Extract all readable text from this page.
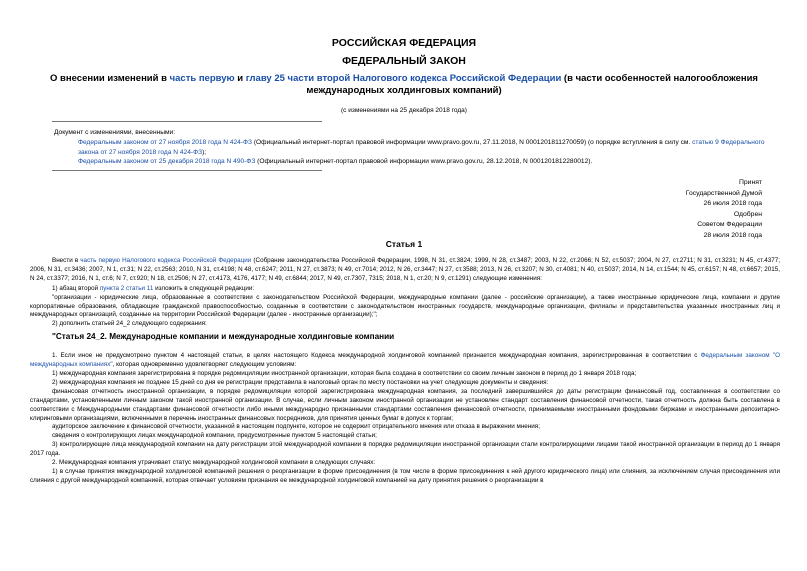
РОССИЙСКАЯ ФЕДЕРАЦИЯ
ФЕДЕРАЛЬНЫЙ ЗАКОН
О внесении изменений в часть первую и главу 25 части второй Налогового кодекса Российской Федерации (в части особенностей налогообложения международных холдинговых компаний)
(с изменениями на 25 декабря 2018 года)
Документ с изменениями, внесенными:
Федеральным законом от 27 ноября 2018 года N 424-ФЗ (Официальный интернет-портал правовой информации www.pravo.gov.ru, 27.11.2018, N 0001201811270059) (о порядке вступления в силу см. статью 9 Федерального закона от 27 ноября 2018 года N 424-ФЗ);
Федеральным законом от 25 декабря 2018 года N 490-ФЗ (Официальный интернет-портал правовой информации www.pravo.gov.ru, 28.12.2018, N 0001201812280012).
Принят
Государственной Думой
26 июля 2018 года
Одобрен
Советом Федерации
28 июля 2018 года
Статья 1

Внести в часть первую Налогового кодекса Российской Федерации (Собрание законодательства Российской Федерации, 1998, N 31, ст.3824; 1999, N 28, ст.3487; 2003, N 22, ст.2066; N 52, ст.5037; 2004, N 27, ст.2711; N 31, ст.3231; N 45, ст.4377; 2006, N 31, ст.3436; 2007, N 1, ст.31; N 22, ст.2563; 2010, N 31, ст.4198; N 48, ст.6247; 2011, N 27, ст.3873; N 49, ст.7014; 2012, N 26, ст.3447; N 27, ст.3588; 2013, N 26, ст.3207; N 30, ст.4081; N 40, ст.5037; 2014, N 14, ст.1544; N 45, ст.6157; N 48, ст.6657; 2015, N 24, ст.3377; 2016, N 1, ст.6; N 7, ст.920; N 18, ст.2506; N 27, ст.4173, 4176, 4177; N 49, ст.6844; 2017, N 49, ст.7307, 7315; 2018, N 1, ст.20; N 9, ст.1291) следующие изменения:

1) абзац второй пункта 2 статьи 11 изложить в следующей редакции:

"организации - юридические лица, образованные в соответствии с законодательством Российской Федерации, международные компании (далее - российские организации), а также иностранные юридические лица, компании и другие корпоративные образования, обладающие гражданской правоспособностью, созданные в соответствии с законодательством иностранных государств, международные организации, филиалы и представительства указанных иностранных лиц и международных организаций, созданные на территории Российской Федерации (далее - иностранные организации);";

2) дополнить статьей 24_2 следующего содержания:

"Статья 24_2. Международные компании и международные холдинговые компании

1. Если иное не предусмотрено пунктом 4 настоящей статьи, в целях настоящего Кодекса международной холдинговой компанией признается международная компания, зарегистрированная в соответствии с Федеральным законом "О международных компаниях", которая одновременно удовлетворяет следующим условиям:

1) международная компания зарегистрирована в порядке редомициляции иностранной организации, которая была создана в соответствии со своим личным законом в период до 1 января 2018 года;

2) международная компания не позднее 15 дней со дня ее регистрации представила в налоговый орган по месту постановки на учет следующие документы и сведения:

финансовая отчетность иностранной организации, в порядке редомициляции которой зарегистрирована международная компания, за последний завершившийся до даты регистрации финансовый год, составленная в соответствии со стандартами, установленными личным законом такой иностранной организации. В случае, если личным законом иностранной организации не установлен стандарт составления финансовой отчетности, такая отчетность должна быть составлена в соответствии с Международными стандартами финансовой отчетности либо иными международно признанными стандартами составления финансовой отчетности, принимаемыми иностранными фондовыми биржами и иностранными депозитарно-клиринговыми организациями, включенными в перечень иностранных финансовых посредников, для принятия ценных бумаг в допуск к торгам;

аудиторское заключение к финансовой отчетности, указанной в настоящем подпункте, которое не содержит отрицательного мнения или отказа в выражении мнения;

сведения о контролирующих лицах международной компании, предусмотренные пунктом 5 настоящей статьи;

3) контролирующие лица международной компании на дату регистрации этой международной компании в порядке редомициляции иностранной организации стали контролирующими лицами такой иностранной организации в период до 1 января 2017 года.

2. Международная компания утрачивает статус международной холдинговой компании в следующих случаях:

1) в случае принятия международной холдинговой компанией решения о реорганизации в форме присоединения (в том числе в форме присоединения к ней другого юридического лица) или слияния, за исключением случая присоединения или слияния с другой международной компанией, которая отвечает условиям признания ее международной холдинговой компанией на дату принятия решения о реорганизации в
